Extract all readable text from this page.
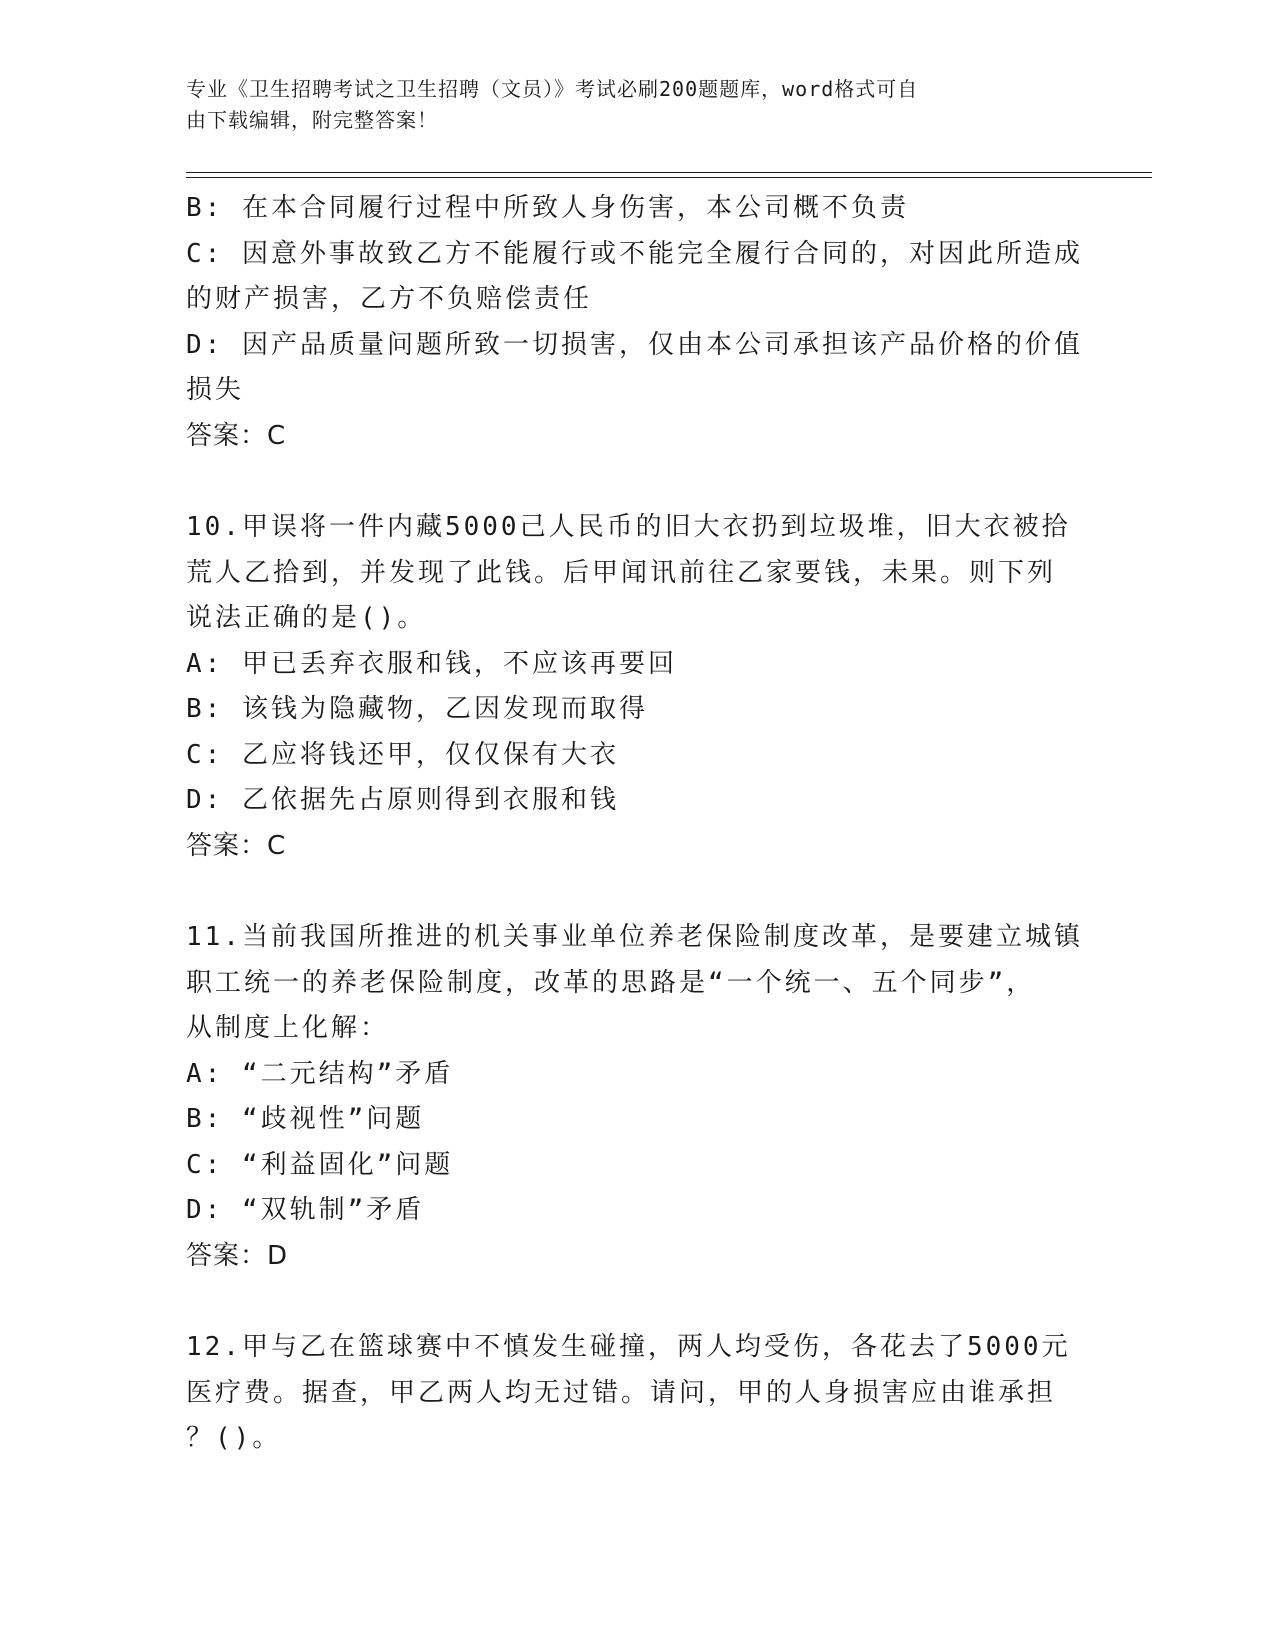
专业《卫生招聘考试之卫生招聘（文员）》考试必刷200题题库，word格式可自
由下载编辑，附完整答案！
B: 在本合同履行过程中所致人身伤害，本公司概不负责
C: 因意外事故致乙方不能履行或不能完全履行合同的，对因此所造成
的财产损害，乙方不负赔偿责任
D: 因产品质量问题所致一切损害，仅由本公司承担该产品价格的价值
损失
答案：C
10.甲误将一件内藏5000己人民币的旧大衣扔到垃圾堆，旧大衣被拾
荒人乙拾到，并发现了此钱。后甲闻讯前往乙家要钱，未果。则下列
说法正确的是()。
A: 甲已丢弃衣服和钱，不应该再要回
B: 该钱为隐藏物，乙因发现而取得
C: 乙应将钱还甲，仅仅保有大衣
D: 乙依据先占原则得到衣服和钱
答案：C
11.当前我国所推进的机关事业单位养老保险制度改革，是要建立城镇
职工统一的养老保险制度，改革的思路是“一个统一、五个同步”，
从制度上化解：
A: “二元结构”矛盾
B: “歧视性”问题
C: “利益固化”问题
D: “双轨制”矛盾
答案：D
12.甲与乙在篮球赛中不慎发生碰撞，两人均受伤，各花去了5000元
医疗费。据查，甲乙两人均无过错。请问，甲的人身损害应由谁承担
？()。
